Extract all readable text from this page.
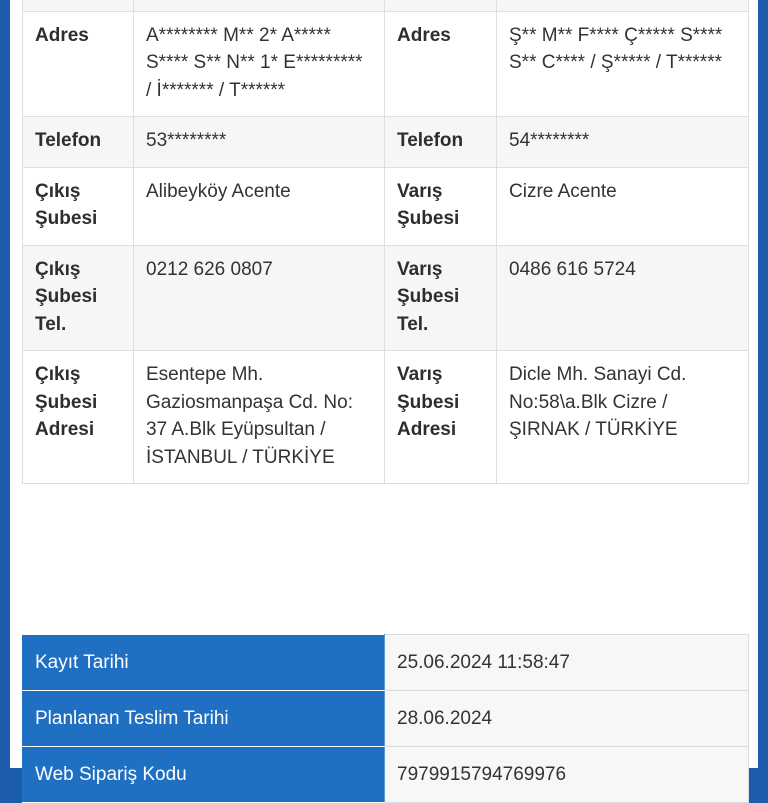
Adres	A******** M** 2* A***** S**** S** N** 1* E********* / İ******* / T******	Adres	Ş** M** F**** Ç***** S**** S** C**** / Ş***** / T******
Telefon	53********	Telefon	54********
Çıkış Şubesi	Alibeyköy Acente	Varış Şubesi	Cizre Acente
Çıkış Şubesi Tel.	0212 626 0807	Varış Şubesi Tel.	0486 616 5724
Çıkış Şubesi Adresi	Esentepe Mh. Gaziosmanpaşa Cd. No: 37 A.Blk Eyüpsultan / İSTANBUL / TÜRKİYE	Varış Şubesi Adresi	Dicle Mh. Sanayi Cd. No:58\a.Blk Cizre / ŞIRNAK / TÜRKİYE
Kayıt Tarihi	25.06.2024 11:58:47
Planlanan Teslim Tarihi	28.06.2024
Web Sipariş Kodu	7979915794769976
